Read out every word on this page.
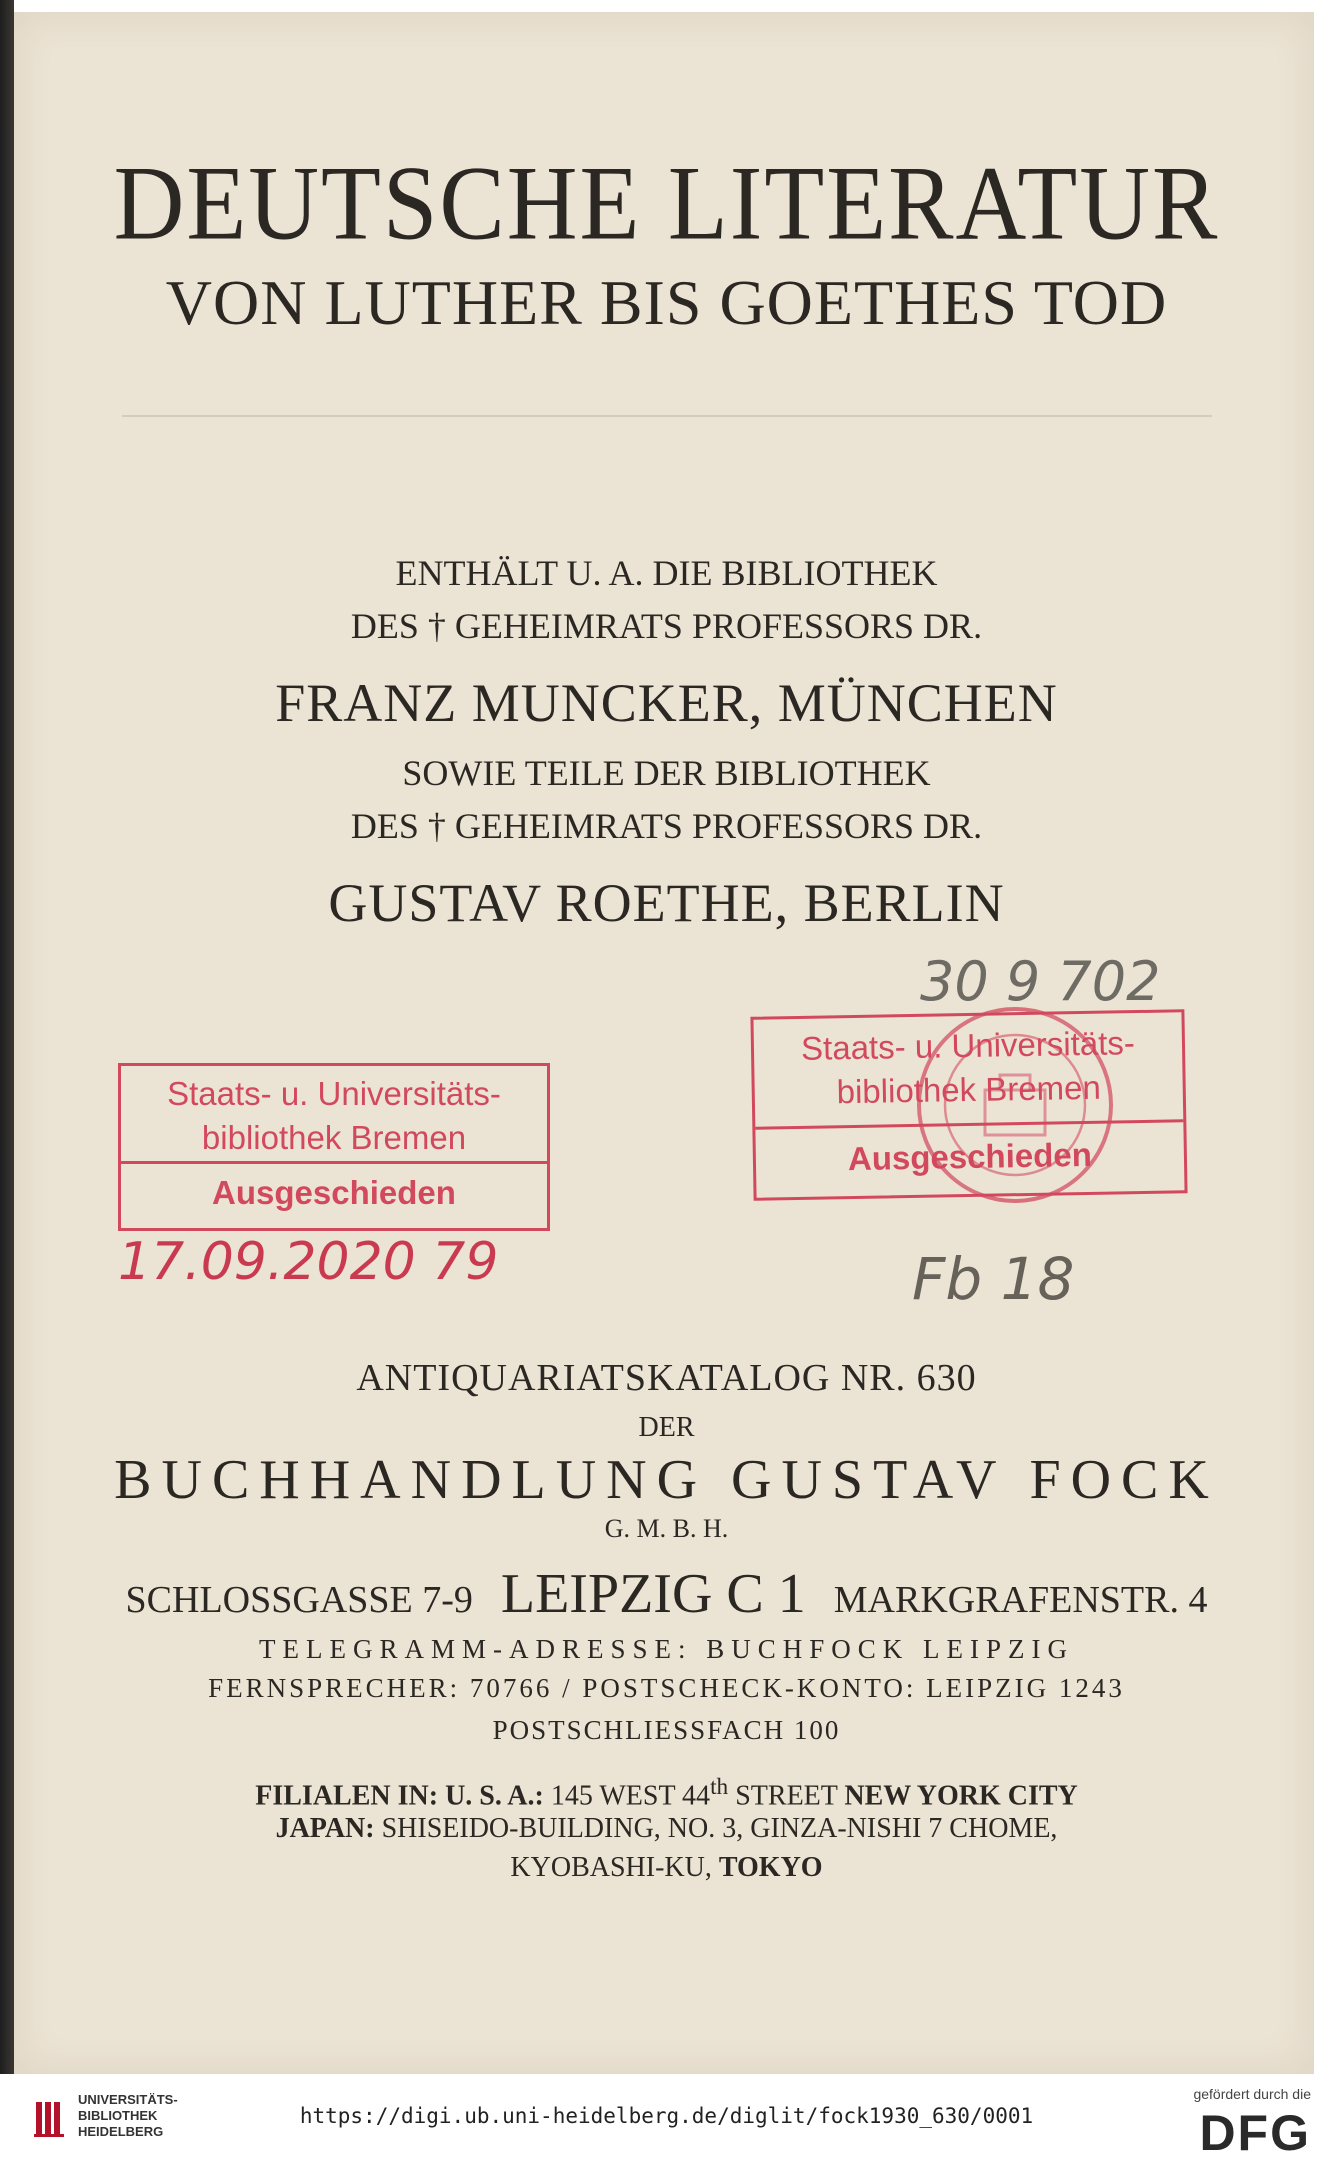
DEUTSCHE LITERATUR
VON LUTHER BIS GOETHES TOD
ENTHÄLT U. A. DIE BIBLIOTHEK
DES † GEHEIMRATS PROFESSORS DR.
FRANZ MUNCKER, MÜNCHEN
SOWIE TEILE DER BIBLIOTHEK
DES † GEHEIMRATS PROFESSORS DR.
GUSTAV ROETHE, BERLIN
30 9 702
Staats- u. Universitäts-
bibliothek Bremen
Ausgeschieden
Staats- u. Universitäts-
bibliothek Bremen
Ausgeschieden
17.09.2020 79	Fb 18
ANTIQUARIATSKATALOG NR. 630
DER
BUCHHANDLUNG GUSTAV FOCK
G. M. B. H.
SCHLOSSGASSE 7-9 LEIPZIG C 1 MARKGRAFENSTR. 4
TELEGRAMM-ADRESSE: BUCHFOCK LEIPZIG
FERNSPRECHER: 70766 / POSTSCHECK-KONTO: LEIPZIG 1243
POSTSCHLIESSFACH 100
FILIALEN IN: U. S. A.: 145 WEST 44th STREET NEW YORK CITY
JAPAN: SHISEIDO-BUILDING, NO. 3, GINZA-NISHI 7 CHOME,
KYOBASHI-KU, TOKYO
UNIVERSITÄTS-
BIBLIOTHEK
HEIDELBERG
https://digi.ub.uni-heidelberg.de/diglit/fock1930_630/0001
gefördert durch die
DFG
